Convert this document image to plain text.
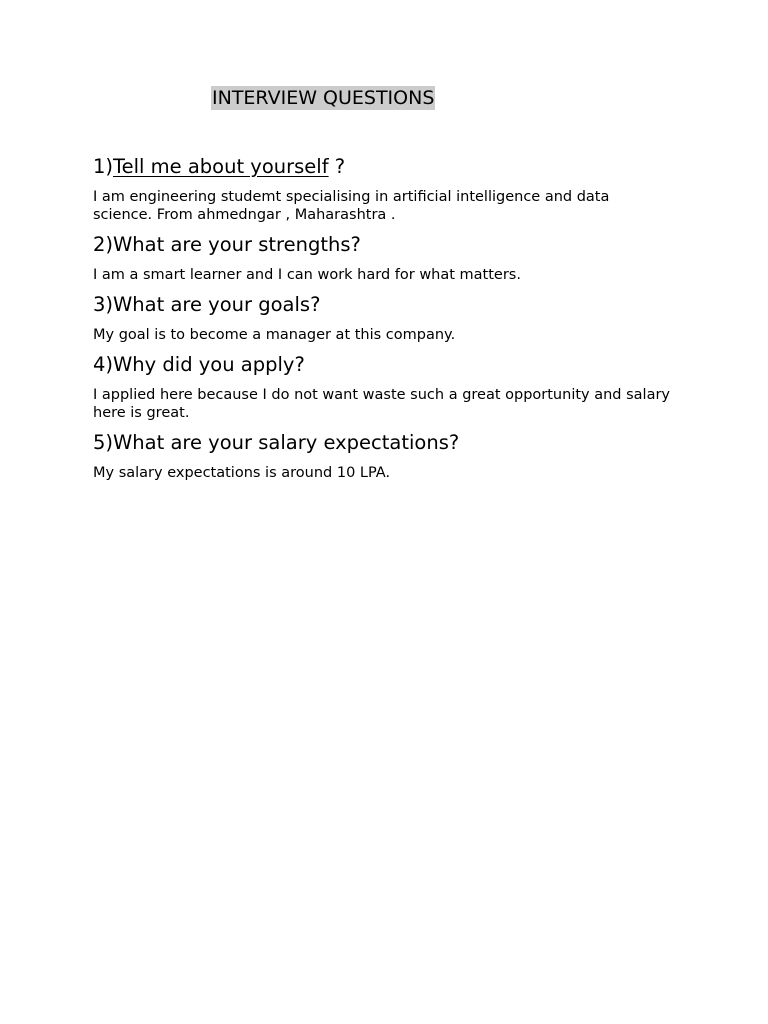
INTERVIEW QUESTIONS

1)Tell me about yourself ?

I am engineering studemt specialising in artificial intelligence and data science. From ahmedngar , Maharashtra .

2)What are your strengths?

I am a smart learner and I can work hard for what matters.

3)What are your goals?

My goal is to become a manager at this company.

4)Why did you apply?

I applied here because I do not want waste such a great opportunity and salary here is great.

5)What are your salary expectations?

My salary expectations is around 10 LPA.
